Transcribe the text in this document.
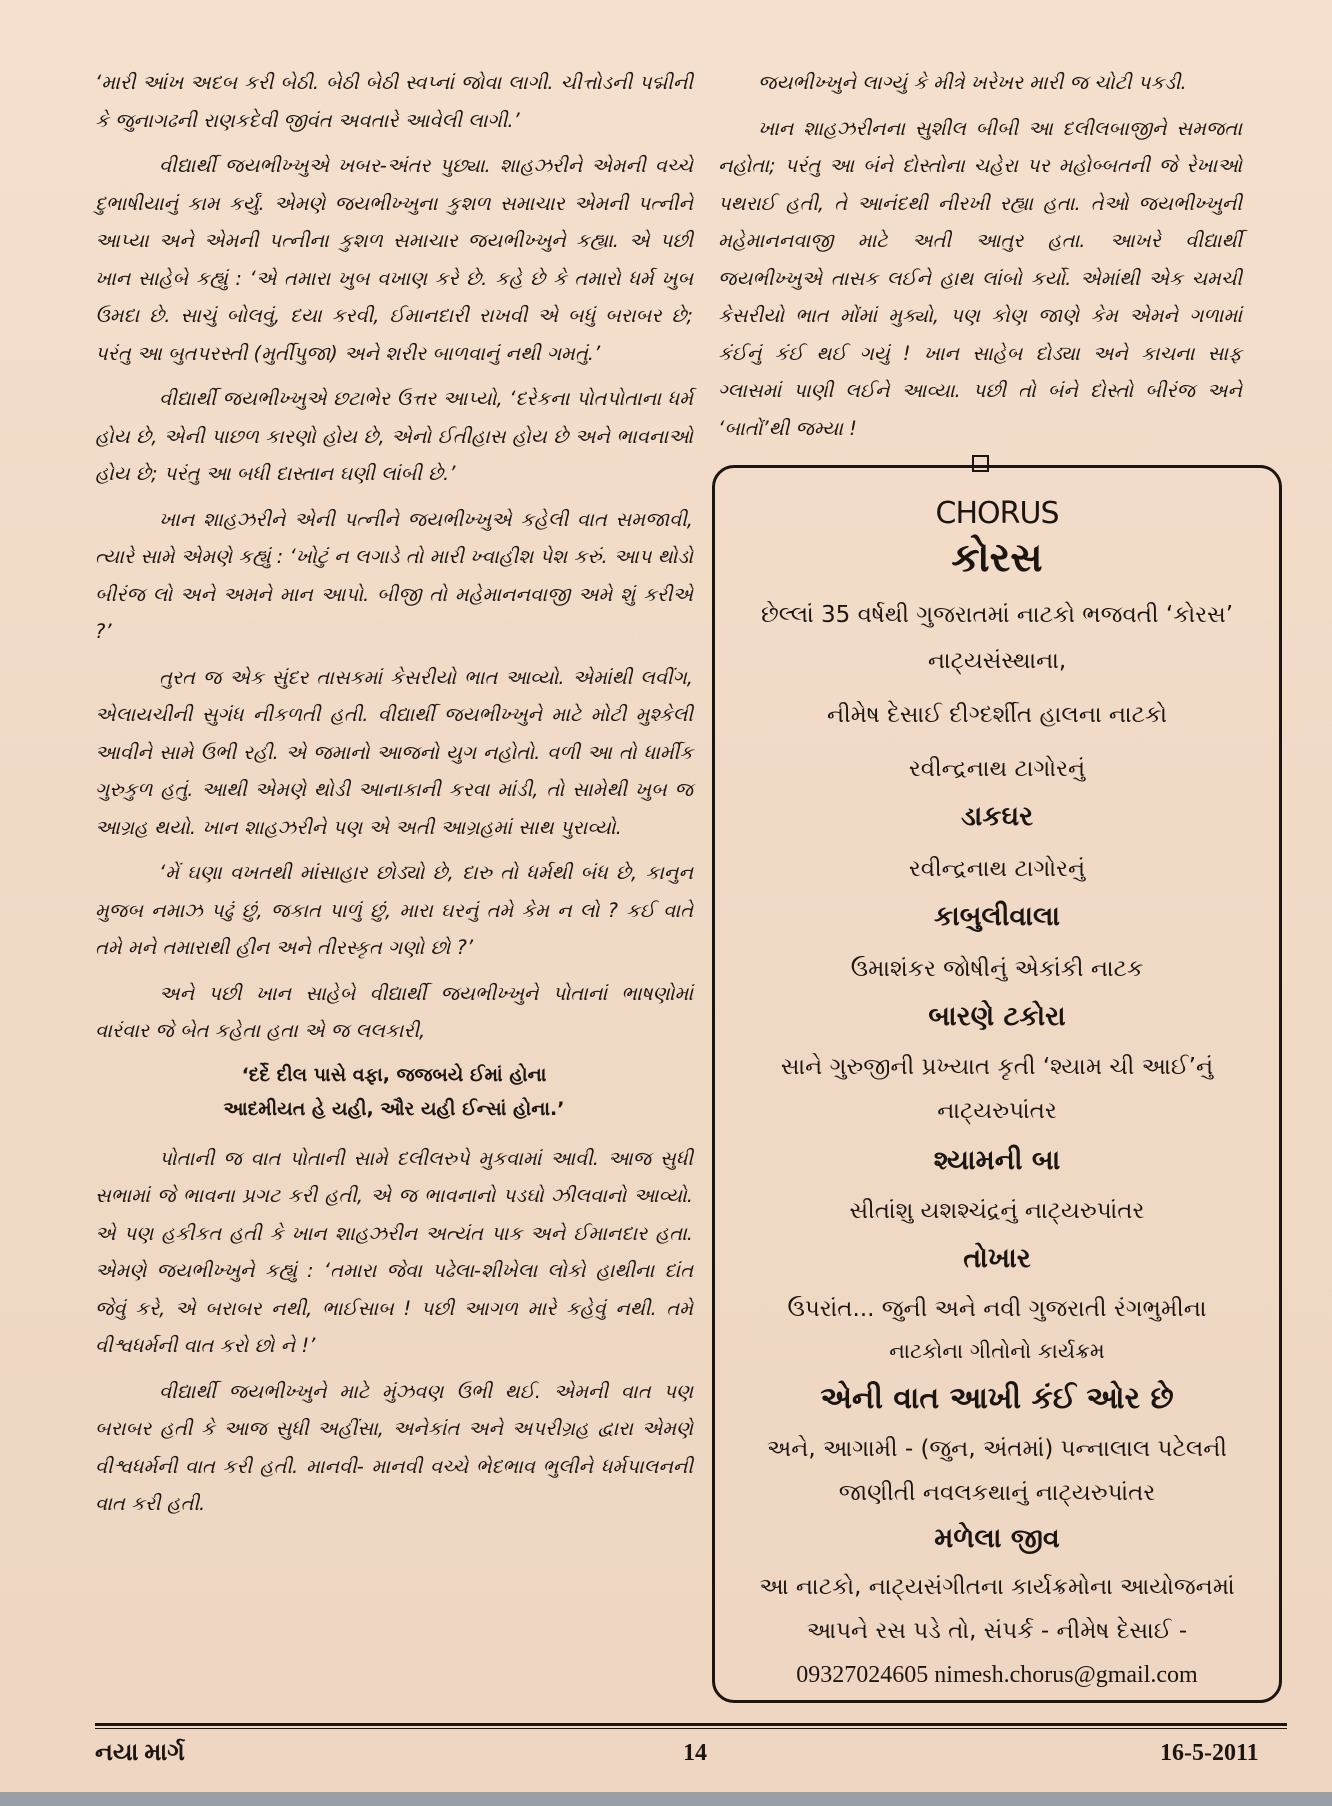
‘મારી આંખ અદબ કરી બેઠી. બેઠી બેઠી સ્વપ્નાં જોવા લાગી. ચીત્તોડની પદ્મીની કે જુનાગઢની રાણકદેવી જીવંત અવતારે આવેલી લાગી.’

વીદ્યાર્થી જયભીખ્ખુએ ખબર-અંતર પુછ્યા. શાહઝરીને એમની વચ્ચે દુભાષીયાનું કામ કર્યું. એમણે જયભીખ્ખુના કુશળ સમાચાર એમની પત્નીને આપ્યા અને એમની પત્નીના કુશળ સમાચાર જયભીખ્ખુને કહ્યા. એ પછી ખાન સાહેબે કહ્યું : ‘એ તમારા ખુબ વખાણ કરે છે. કહે છે કે તમારો ધર્મ ખુબ ઉમદા છે. સાચું બોલવું, દયા કરવી, ઈમાનદારી રાખવી એ બધું બરાબર છે; પરંતુ આ બુતપરસ્તી (મુર્તીપુજા) અને શરીર બાળવાનું નથી ગમતું.’

વીદ્યાર્થી જયભીખ્ખુએ છટાભેર ઉત્તર આપ્યો, ‘દરેકના પોતપોતાના ધર્મ હોય છે, એની પાછળ કારણો હોય છે, એનો ઈતીહાસ હોય છે અને ભાવનાઓ હોય છે; પરંતુ આ બધી દાસ્તાન ઘણી લાંબી છે.’

ખાન શાહઝરીને એની પત્નીને જયભીખ્ખુએ કહેલી વાત સમજાવી, ત્યારે સામે એમણે કહ્યું : ‘ખોટું ન લગાડે તો મારી ખ્વાહીશ પેશ કરું. આપ થોડો બીરંજ લો અને અમને માન આપો. બીજી તો મહેમાનનવાજી અમે શું કરીએ ?’

તુરત જ એક સુંદર તાસકમાં કેસરીયો ભાત આવ્યો. એમાંથી લવીંગ, એલાયચીની સુગંધ નીકળતી હતી. વીદ્યાર્થી જયભીખ્ખુને માટે મોટી મુશ્કેલી આવીને સામે ઉભી રહી. એ જમાનો આજનો યુગ નહોતો. વળી આ તો ધાર્મીક ગુરુકુળ હતું. આથી એમણે થોડી આનાકાની કરવા માંડી, તો સામેથી ખુબ જ આગ્રહ થયો. ખાન શાહઝરીને પણ એ અતી આગ્રહમાં સાથ પુરાવ્યો.

‘મેં ઘણા વખતથી માંસાહાર છોડ્યો છે, દારુ તો ધર્મથી બંધ છે, કાનુન મુજબ નમાઝ પઢું છું, જકાત પાળું છું, મારા ઘરનું તમે કેમ ન લો ? કઈ વાતે તમે મને તમારાથી હીન અને તીરસ્કૃત ગણો છો ?’

અને પછી ખાન સાહેબે વીદ્યાર્થી જયભીખ્ખુને પોતાનાં ભાષણોમાં વારંવાર જે બેત કહેતા હતા એ જ લલકારી,

‘દર્દે દીલ પાસે વફા, જજબયે ઈમાં હોના
આદમીયત હે યહી, ઔર યહી ઈન્સાં હોના.’

પોતાની જ વાત પોતાની સામે દલીલરુપે મુકવામાં આવી. આજ સુધી સભામાં જે ભાવના પ્રગટ કરી હતી, એ જ ભાવનાનો પડઘો ઝીલવાનો આવ્યો. એ પણ હકીકત હતી કે ખાન શાહઝરીન અત્યંત પાક અને ઈમાનદાર હતા. એમણે જયભીખ્ખુને કહ્યું : ‘તમારા જેવા પઢેલા-શીખેલા લોકો હાથીના દાંત જેવું કરે, એ બરાબર નથી, ભાઈસાબ ! પછી આગળ મારે કહેવું નથી. તમે વીશ્વધર્મની વાત કરો છો ને !’

વીદ્યાર્થી જયભીખ્ખુને માટે મુંઝવણ ઉભી થઈ. એમની વાત પણ બરાબર હતી કે આજ સુધી અહીંસા, અનેકાંત અને અપરીગ્રહ દ્વારા એમણે વીશ્વધર્મની વાત કરી હતી. માનવી- માનવી વચ્ચે ભેદભાવ ભુલીને ધર્મપાલનની વાત કરી હતી.

જયભીખ્ખુને લાગ્યું કે મીત્રે ખરેખર મારી જ ચોટી પકડી.

ખાન શાહઝરીનના સુશીલ બીબી આ દલીલબાજીને સમજતા નહોતા; પરંતુ આ બંને દોસ્તોના ચહેરા પર મહોબ્બતની જે રેખાઓ પથરાઈ હતી, તે આનંદથી નીરખી રહ્યા હતા. તેઓ જયભીખ્ખુની મહેમાનનવાજી માટે અતી આતુર હતા. આખરે વીદ્યાર્થી જયભીખ્ખુએ તાસક લઈને હાથ લાંબો કર્યો. એમાંથી એક ચમચી કેસરીયો ભાત મોંમાં મુક્યો, પણ કોણ જાણે કેમ એમને ગળામાં કંઈનું કંઈ થઈ ગયું ! ખાન સાહેબ દોડ્યા અને કાચના સાફ ગ્લાસમાં પાણી લઈને આવ્યા. પછી તો બંને દોસ્તો બીરંજ અને ‘બાતોં’થી જમ્યા !

CHORUS
કોરસ
છેલ્લાં 35 વર્ષથી ગુજરાતમાં નાટકો ભજવતી ‘કોરસ’
નાટ્યસંસ્થાના,
નીમેષ દેસાઈ દીગ્દર્શીત હાલના નાટકો
રવીન્દ્રનાથ ટાગોરનું
ડાકઘર
રવીન્દ્રનાથ ટાગોરનું
કાબુલીવાલા
ઉમાશંકર જોષીનું એકાંકી નાટક
બારણે ટકોરા
સાને ગુરુજીની પ્રખ્યાત કૃતી ‘શ્યામ ચી આઈ’નું
નાટ્યરુપાંતર
શ્યામની બા
સીતાંશુ યશશ્ચંદ્રનું નાટ્યરુપાંતર
તોખાર
ઉપરાંત... જુની અને નવી ગુજરાતી રંગભુમીના
નાટકોના ગીતોનો કાર્યક્રમ
એની વાત આખી કંઈ ઓર છે
અને, આગામી - (જુન, અંતમાં) પન્નાલાલ પટેલની
જાણીતી નવલકથાનું નાટ્યરુપાંતર
મળેલા જીવ
આ નાટકો, નાટ્યસંગીતના કાર્યક્રમોના આયોજનમાં
આપને રસ પડે તો, સંપર્ક - નીમેષ દેસાઈ -
09327024605 nimesh.chorus@gmail.com
નયા માર્ગ	14	16-5-2011
